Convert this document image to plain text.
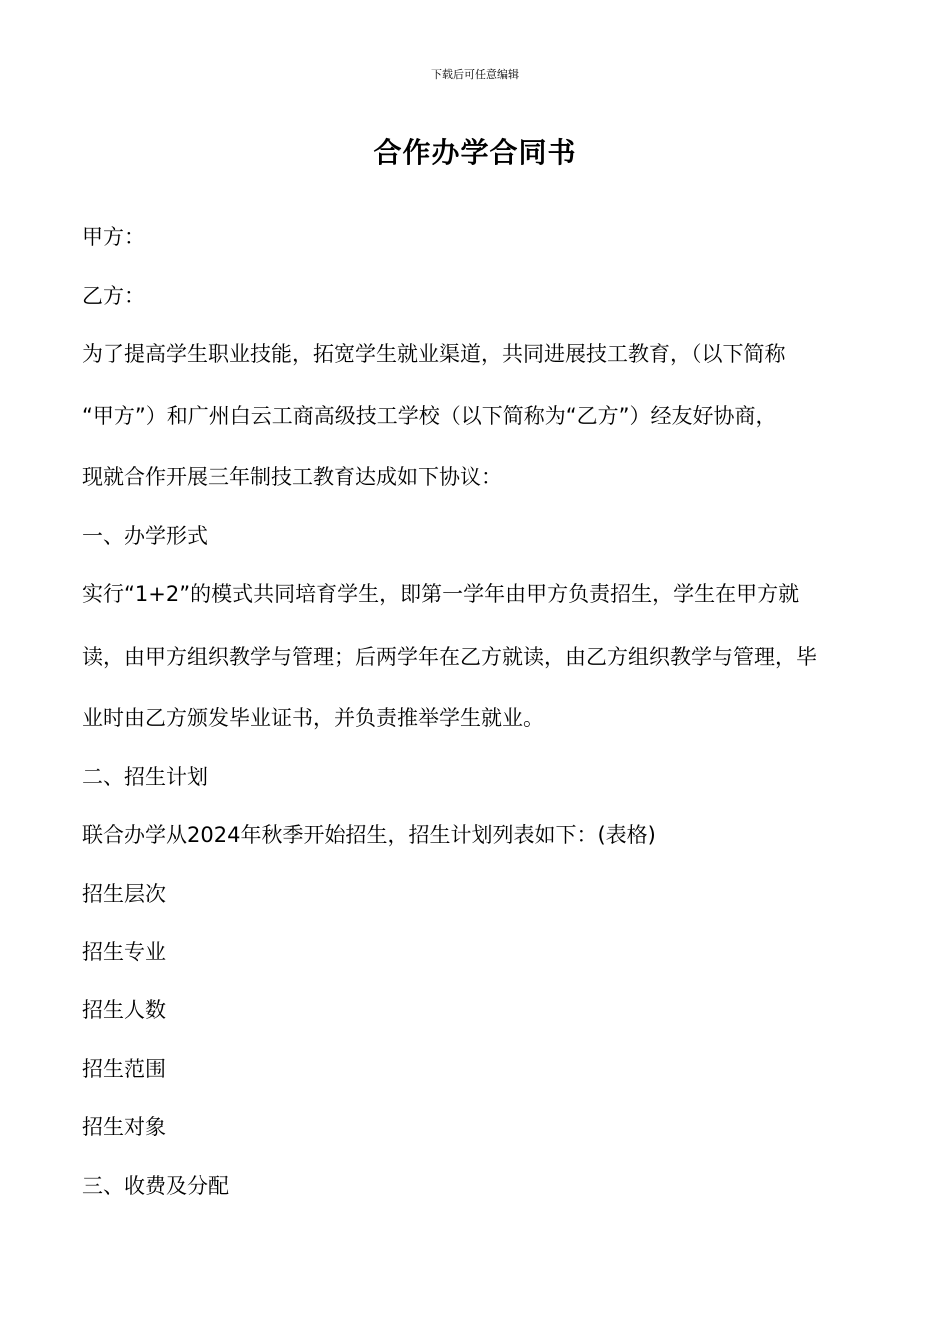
下载后可任意编辑
合作办学合同书
甲方：
乙方：
为了提高学生职业技能，拓宽学生就业渠道，共同进展技工教育，（以下简称
“甲方”）和广州白云工商高级技工学校（以下简称为“乙方”）经友好协商，
现就合作开展三年制技工教育达成如下协议：
一、办学形式
实行“1+2”的模式共同培育学生，即第一学年由甲方负责招生，学生在甲方就
读，由甲方组织教学与管理；后两学年在乙方就读，由乙方组织教学与管理，毕
业时由乙方颁发毕业证书，并负责推举学生就业。
二、招生计划
联合办学从2024年秋季开始招生，招生计划列表如下：(表格)
招生层次
招生专业
招生人数
招生范围
招生对象
三、收费及分配
